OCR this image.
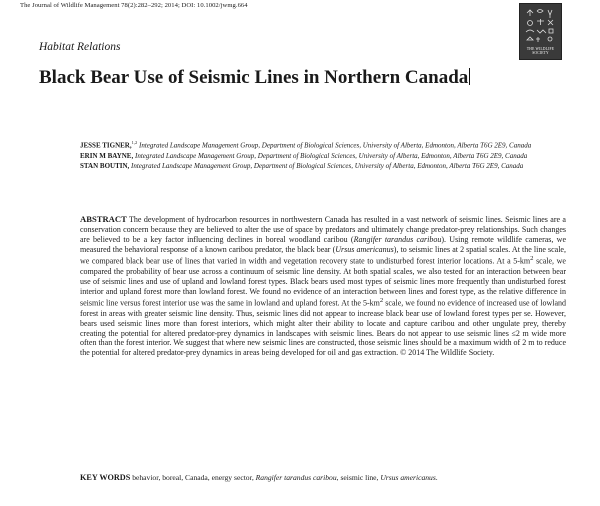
The Journal of Wildlife Management 78(2):282–292; 2014; DOI: 10.1002/jwmg.664
THE WILDLIFE
SOCIETY
Habitat Relations
Black Bear Use of Seismic Lines in Northern Canada
JESSE TIGNER,$^{1,2}$ Integrated Landscape Management Group, Department of Biological Sciences, University of Alberta, Edmonton, Alberta T6G 2E9, Canada
ERIN M BAYNE, Integrated Landscape Management Group, Department of Biological Sciences, University of Alberta, Edmonton, Alberta T6G 2E9, Canada
STAN BOUTIN, Integrated Landscape Management Group, Department of Biological Sciences, University of Alberta, Edmonton, Alberta T6G 2E9, Canada

ABSTRACT The development of hydrocarbon resources in northwestern Canada has resulted in a vast network of seismic lines. Seismic lines are a conservation concern because they are believed to alter the use of space by predators and ultimately change predator-prey relationships. Such changes are believed to be a key factor influencing declines in boreal woodland caribou (Rangifer tarandus caribou). Using remote wildlife cameras, we measured the behavioral response of a known caribou predator, the black bear (Ursus americanus), to seismic lines at 2 spatial scales. At the line scale, we compared black bear use of lines that varied in width and vegetation recovery state to undisturbed forest interior locations. At a $5-km^2$ scale, we compared the probability of bear use across a continuum of seismic line density. At both spatial scales, we also tested for an interaction between bear use of seismic lines and use of upland and lowland forest types. Black bears used most types of seismic lines more frequently than undisturbed forest interior and upland forest more than lowland forest. We found no evidence of an interaction between lines and forest type, as the relative difference in seismic line versus forest interior use was the same in lowland and upland forest. At the $5-km^2$ scale, we found no evidence of increased use of lowland forest in areas with greater seismic line density. Thus, seismic lines did not appear to increase black bear use of lowland forest types per se. However, bears used seismic lines more than forest interiors, which might alter their ability to locate and capture caribou and other ungulate prey, thereby creating the potential for altered predator-prey dynamics in landscapes with seismic lines. Bears do not appear to use seismic lines ≤2 m wide more often than the forest interior. We suggest that where new seismic lines are constructed, those seismic lines should be a maximum width of 2 m to reduce the potential for altered predator-prey dynamics in areas being developed for oil and gas extraction. © 2014 The Wildlife Society.

KEY WORDS behavior, boreal, Canada, energy sector, Rangifer tarandus caribou, seismic line, Ursus americanus.
